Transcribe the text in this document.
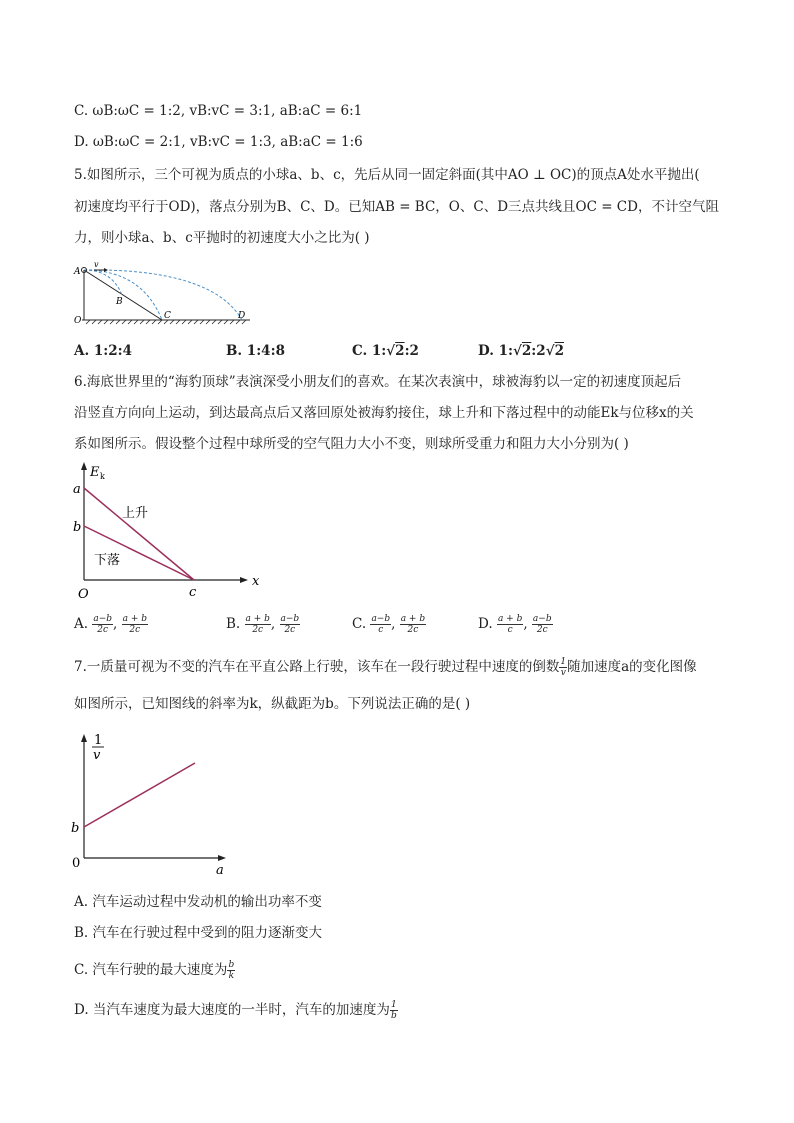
C. ωB:ωC = 1:2, vB:vC = 3:1, aB:aC = 6:1
D. ωB:ωC = 2:1, vB:vC = 1:3, aB:aC = 1:6
5.如图所示，三个可视为质点的小球a、b、c，先后从同一固定斜面(其中AO ⊥ OC)的顶点A处水平抛出(
初速度均平行于OD)，落点分别为B、C、D。已知AB = BC，O、C、D三点共线且OC = CD，不计空气阻
力，则小球a、b、c平抛时的初速度大小之比为( )
A
v
B
O	C	D
A. 1:2:4	B. 1:4:8	C. 1:√2:2	D. 1:√2:2√2
6.海底世界里的“海豹顶球”表演深受小朋友们的喜欢。在某次表演中，球被海豹以一定的初速度顶起后
沿竖直方向向上运动，到达最高点后又落回原处被海豹接住，球上升和下落过程中的动能Ek与位移x的关
系如图所示。假设整个过程中球所受的空气阻力大小不变，则球所受重力和阻力大小分别为( )
E k
a
b
上升
下落
O	c
x
A. $\frac{a-b}{2c}$ , $\frac{a + b}{2c}$	B. $\frac{a + b}{2c}$ , $\frac{a-b}{2c}$	C. $\frac{a-b}{c}$ , $\frac{a + b}{2c}$	D. $\frac{a + b}{c}$ , $\frac{a-b}{2c}$
7.一质量可视为不变的汽车在平直公路上行驶，该车在一段行驶过程中速度的倒数 $\frac{1}{v}$ 随加速度a的变化图像
如图所示，已知图线的斜率为k，纵截距为b。下列说法正确的是( )
1
v
b
0	a
A. 汽车运动过程中发动机的输出功率不变
B. 汽车在行驶过程中受到的阻力逐渐变大
C. 汽车行驶的最大速度为 $\frac{b}{k}$
D. 当汽车速度为最大速度的一半时，汽车的加速度为 $\frac{1}{b}$
